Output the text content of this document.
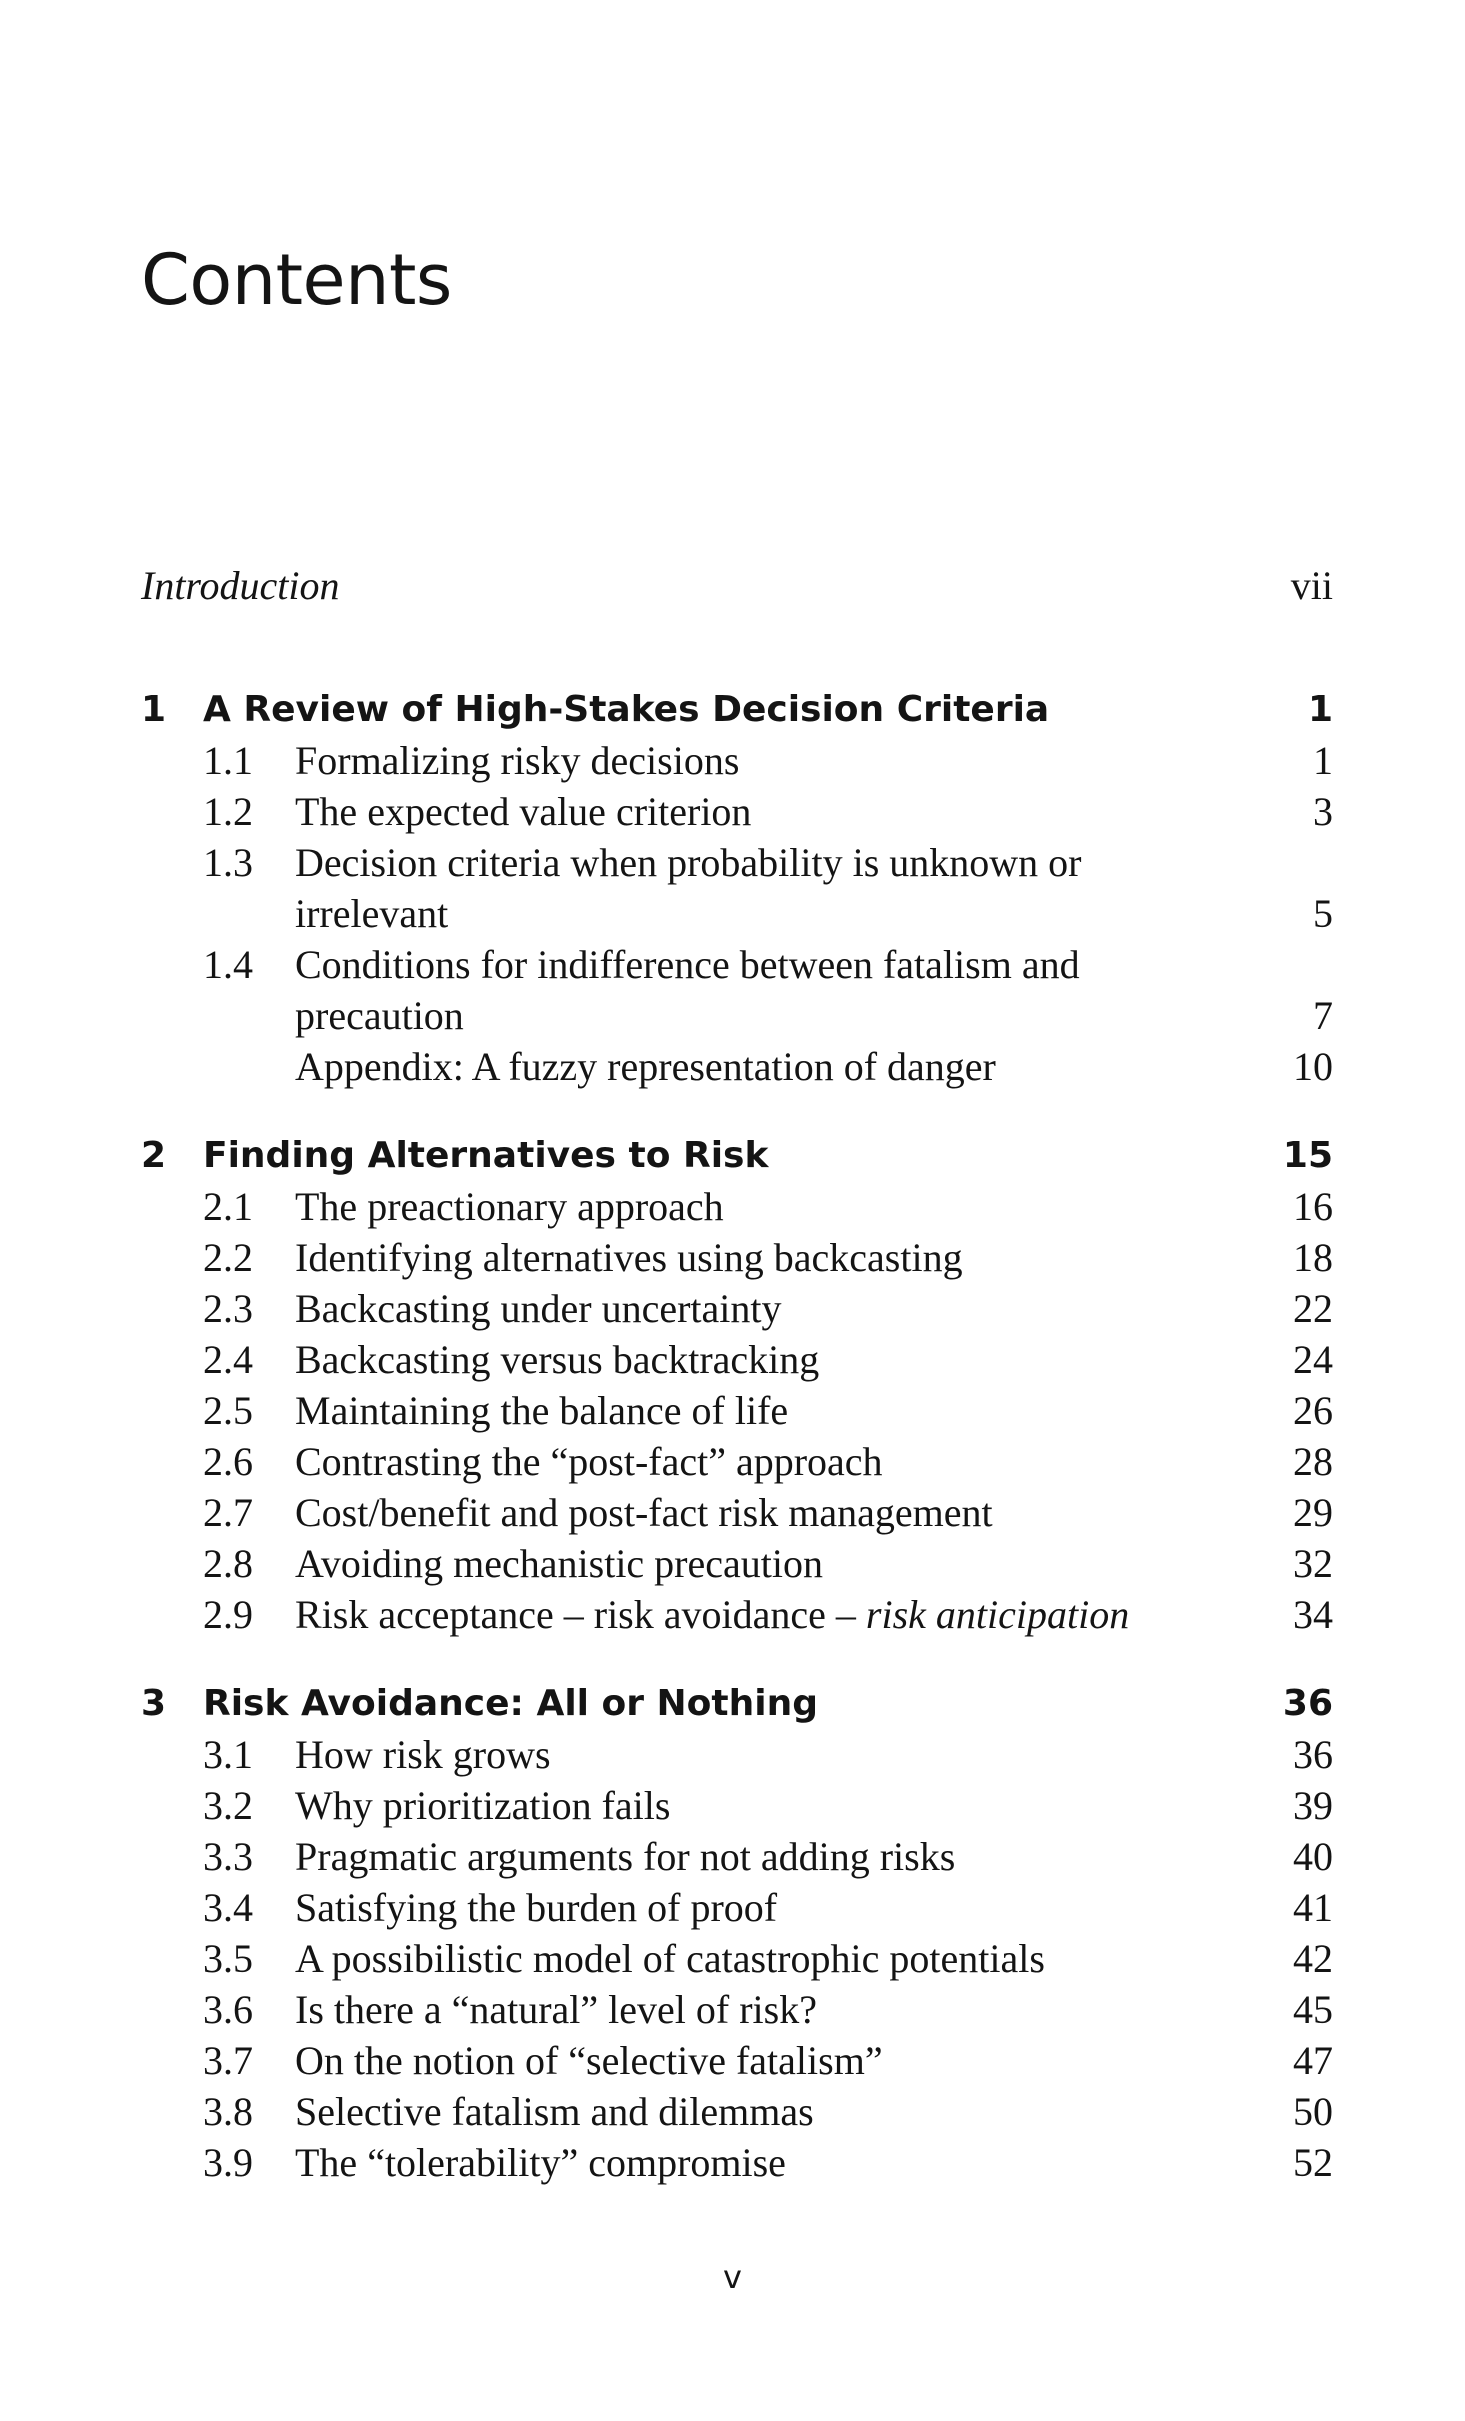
Contents
Introduction	vii
1 A Review of High-Stakes Decision Criteria	1
1.1 Formalizing risky decisions	1
1.2 The expected value criterion	3
1.3 Decision criteria when probability is unknown or
irrelevant	5
1.4 Conditions for indifference between fatalism and
precaution	7
Appendix: A fuzzy representation of danger	10
2 Finding Alternatives to Risk	15
2.1 The preactionary approach	16
2.2 Identifying alternatives using backcasting	18
2.3 Backcasting under uncertainty	22
2.4 Backcasting versus backtracking	24
2.5 Maintaining the balance of life	26
2.6 Contrasting the “post-fact” approach	28
2.7 Cost/benefit and post-fact risk management	29
2.8 Avoiding mechanistic precaution	32
2.9 Risk acceptance – risk avoidance – risk anticipation	34
3 Risk Avoidance: All or Nothing	36
3.1 How risk grows	36
3.2 Why prioritization fails	39
3.3 Pragmatic arguments for not adding risks	40
3.4 Satisfying the burden of proof	41
3.5 A possibilistic model of catastrophic potentials	42
3.6 Is there a “natural” level of risk?	45
3.7 On the notion of “selective fatalism”	47
3.8 Selective fatalism and dilemmas	50
3.9 The “tolerability” compromise	52
v
